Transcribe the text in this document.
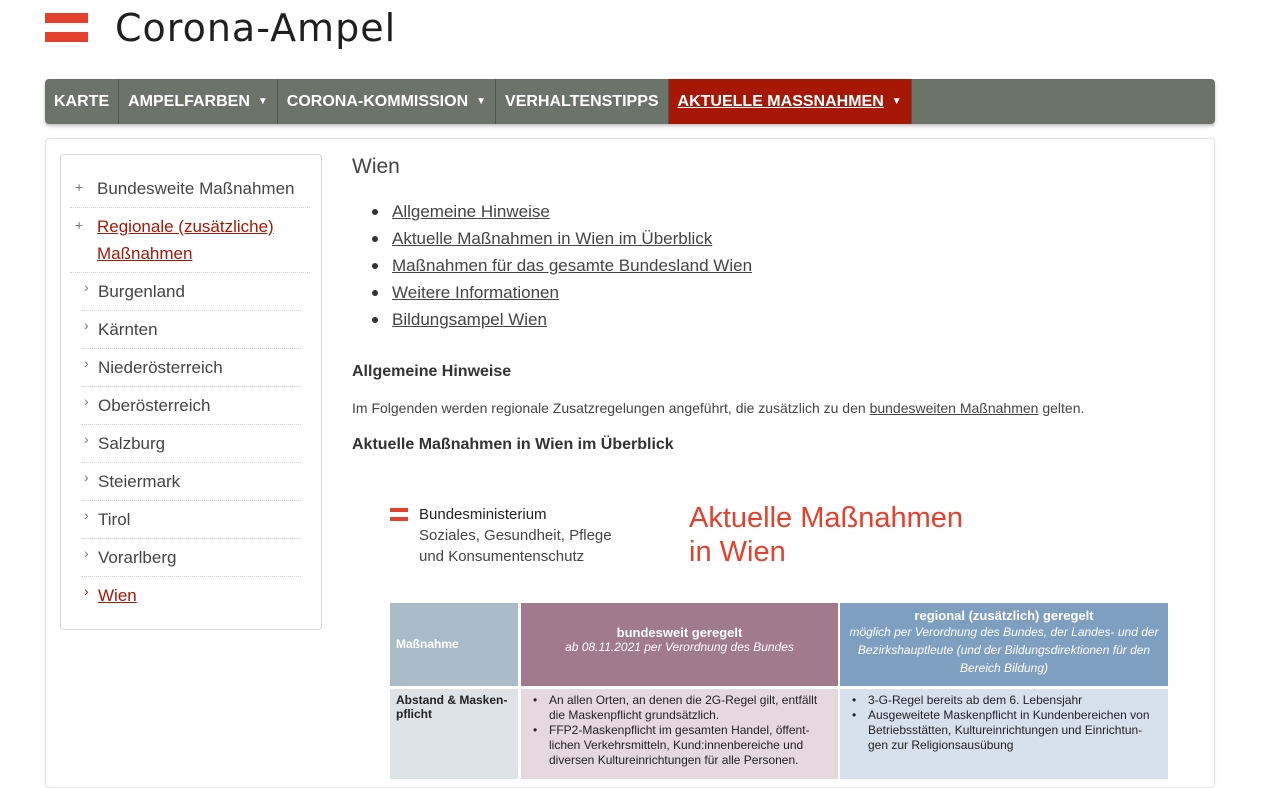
Corona-Ampel
KARTE AMPELFARBEN ▼ CORONA-KOMMISSION ▼ VERHALTENSTIPPS AKTUELLE MASSNAHMEN ▼
+ Bundesweite Maßnahmen
+ Regionale (zusätzliche)
Maßnahmen
› Burgenland
› Kärnten
› Niederösterreich
› Oberösterreich
› Salzburg
› Steiermark
› Tirol
› Vorarlberg
› Wien
Wien
Allgemeine Hinweise
Aktuelle Maßnahmen in Wien im Überblick
Maßnahmen für das gesamte Bundesland Wien
Weitere Informationen
Bildungsampel Wien
Allgemeine Hinweise
Im Folgenden werden regionale Zusatzregelungen angeführt, die zusätzlich zu den bundesweiten Maßnahmen gelten.
Aktuelle Maßnahmen in Wien im Überblick
Bundesministerium
Soziales, Gesundheit, Pflege
und Konsumentenschutz
Aktuelle Maßnahmen
in Wien
Maßnahme
bundesweit geregelt
ab 08.11.2021 per Verordnung des Bundes
regional (zusätzlich) geregelt
möglich per Verordnung des Bundes, der Landes- und der Bezirkshauptleute (und der Bildungsdirektionen für den Bereich Bildung)
Abstand & Masken-pflicht
• An allen Orten, an denen die 2G-Regel gilt, entfällt die Maskenpflicht grundsätzlich.
• FFP2-Maskenpflicht im gesamten Handel, öffent-lichen Verkehrsmitteln, Kund:innenbereiche und diversen Kultureinrichtungen für alle Personen.
• 3-G-Regel bereits ab dem 6. Lebensjahr
• Ausgeweitete Maskenpflicht in Kundenbereichen von Betriebsstätten, Kultureinrichtungen und Einrichtun-gen zur Religionsausübung
